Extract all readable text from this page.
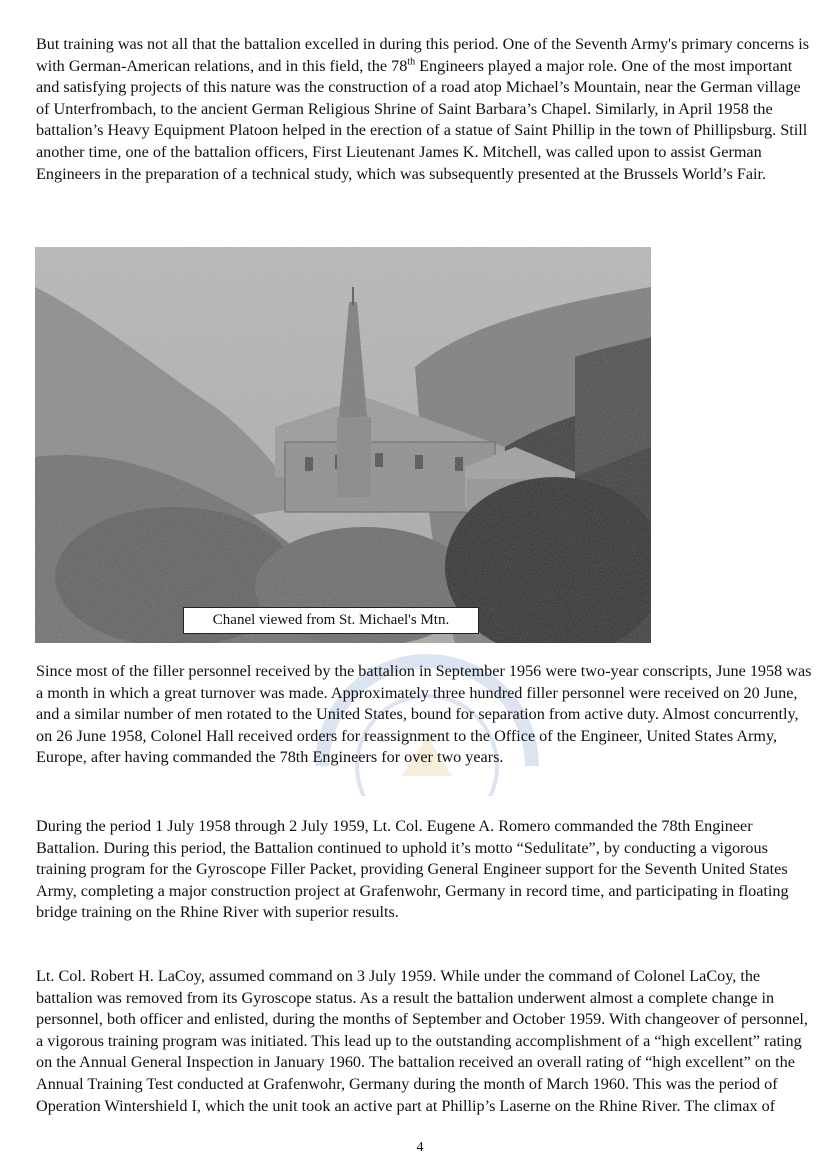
But training was not all that the battalion excelled in during this period. One of the Seventh Army's primary concerns is with German-American relations, and in this field, the 78th Engineers played a major role. One of the most important and satisfying projects of this nature was the construction of a road atop Michael’s Mountain, near the German village of Unterfrombach, to the ancient German Religious Shrine of Saint Barbara’s Chapel. Similarly, in April 1958 the battalion’s Heavy Equipment Platoon helped in the erection of a statue of Saint Phillip in the town of Phillipsburg. Still another time, one of the battalion officers, First Lieutenant James K. Mitchell, was called upon to assist German Engineers in the preparation of a technical study, which was subsequently presented at the Brussels World’s Fair.

Chanel viewed from St. Michael's Mtn.

Since most of the filler personnel received by the battalion in September 1956 were two-year conscripts, June 1958 was a month in which a great turnover was made. Approximately three hundred filler personnel were received on 20 June, and a similar number of men rotated to the United States, bound for separation from active duty. Almost concurrently, on 26 June 1958, Colonel Hall received orders for reassignment to the Office of the Engineer, United States Army, Europe, after having commanded the 78th Engineers for over two years.

During the period 1 July 1958 through 2 July 1959, Lt. Col. Eugene A. Romero commanded the 78th Engineer Battalion. During this period, the Battalion continued to uphold it’s motto “Sedulitate”, by conducting a vigorous training program for the Gyroscope Filler Packet, providing General Engineer support for the Seventh United States Army, completing a major construction project at Grafenwohr, Germany in record time, and participating in floating bridge training on the Rhine River with superior results.

Lt. Col. Robert H. LaCoy, assumed command on 3 July 1959. While under the command of Colonel LaCoy, the battalion was removed from its Gyroscope status. As a result the battalion underwent almost a complete change in personnel, both officer and enlisted, during the months of September and October 1959. With changeover of personnel, a vigorous training program was initiated. This lead up to the outstanding accomplishment of a “high excellent” rating on the Annual General Inspection in January 1960. The battalion received an overall rating of “high excellent” on the Annual Training Test conducted at Grafenwohr, Germany during the month of March 1960. This was the period of Operation Wintershield I, which the unit took an active part at Phillip’s Laserne on the Rhine River. The climax of

4
